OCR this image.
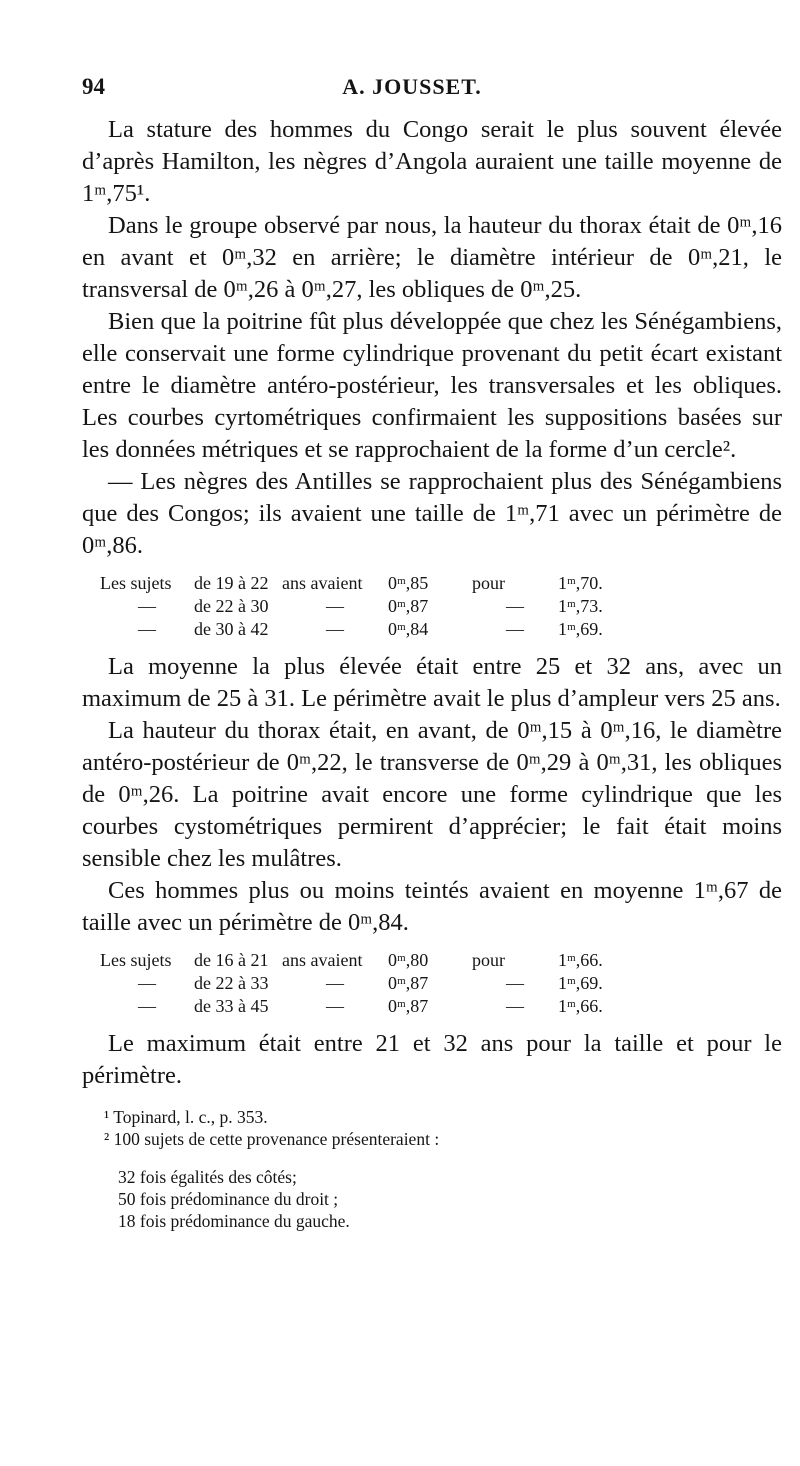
94	A. JOUSSET.

La stature des hommes du Congo serait le plus souvent élevée d’après Hamilton, les nègres d’Angola auraient une taille moyenne de 1ᵐ,75¹.

Dans le groupe observé par nous, la hauteur du thorax était de 0ᵐ,16 en avant et 0ᵐ,32 en arrière; le diamètre intérieur de 0ᵐ,21, le transversal de 0ᵐ,26 à 0ᵐ,27, les obliques de 0ᵐ,25.

Bien que la poitrine fût plus développée que chez les Sénégambiens, elle conservait une forme cylindrique provenant du petit écart existant entre le diamètre antéro-postérieur, les transversales et les obliques. Les courbes cyrtométriques confirmaient les suppositions basées sur les données métriques et se rapprochaient de la forme d’un cercle².

— Les nègres des Antilles se rapprochaient plus des Sénégambiens que des Congos; ils avaient une taille de 1ᵐ,71 avec un périmètre de 0ᵐ,86.

Les sujets	de 19 à 22 ans avaient	0ᵐ,85	pour	1ᵐ,70.
—	de 22 à 30	—	0ᵐ,87	—	1ᵐ,73.
—	de 30 à 42	—	0ᵐ,84	—	1ᵐ,69.

La moyenne la plus élevée était entre 25 et 32 ans, avec un maximum de 25 à 31. Le périmètre avait le plus d’ampleur vers 25 ans.

La hauteur du thorax était, en avant, de 0ᵐ,15 à 0ᵐ,16, le diamètre antéro-postérieur de 0ᵐ,22, le transverse de 0ᵐ,29 à 0ᵐ,31, les obliques de 0ᵐ,26. La poitrine avait encore une forme cylindrique que les courbes cystométriques permirent d’apprécier; le fait était moins sensible chez les mulâtres.

Ces hommes plus ou moins teintés avaient en moyenne 1ᵐ,67 de taille avec un périmètre de 0ᵐ,84.

Les sujets	de 16 à 21 ans avaient	0ᵐ,80	pour	1ᵐ,66.
—	de 22 à 33	—	0ᵐ,87	—	1ᵐ,69.
—	de 33 à 45	—	0ᵐ,87	—	1ᵐ,66.

Le maximum était entre 21 et 32 ans pour la taille et pour le périmètre.

¹ Topinard, l. c., p. 353.

² 100 sujets de cette provenance présenteraient :

32 fois égalités des côtés;
50 fois prédominance du droit ;
18 fois prédominance du gauche.
